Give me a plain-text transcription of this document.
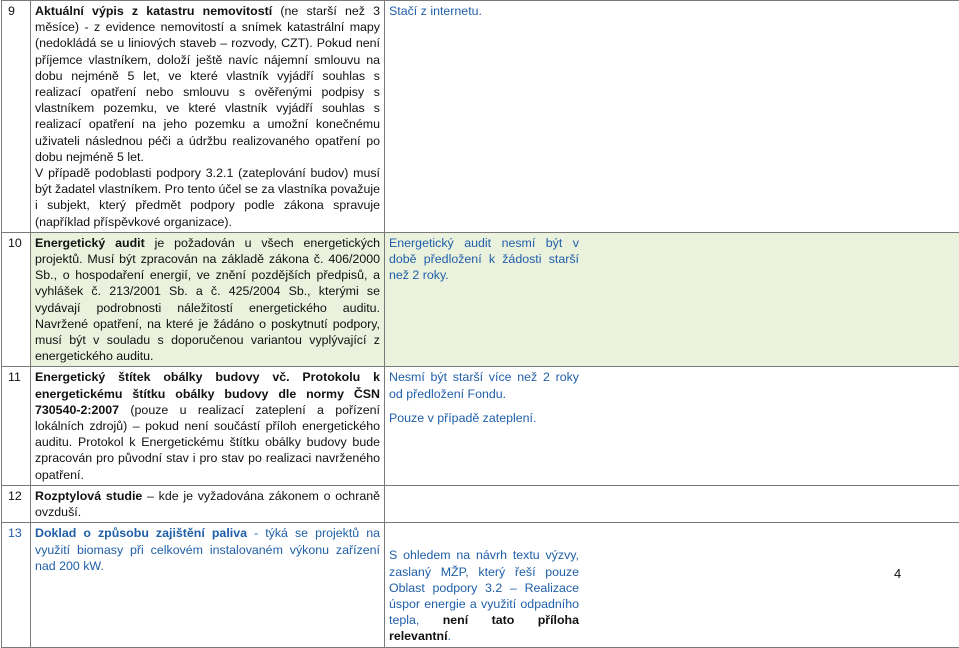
9	Aktuální výpis z katastru nemovitostí (ne starší než 3 měsíce) - z evidence nemovitostí a snímek katastrální mapy (nedokládá se u liniových staveb – rozvody, CZT). Pokud není příjemce vlastníkem, doloží ještě navíc nájemní smlouvu na dobu nejméně 5 let, ve které vlastník vyjádří souhlas s realizací opatření nebo smlouvu s ověřenými podpisy s vlastníkem pozemku, ve které vlastník vyjádří souhlas s realizací opatření na jeho pozemku a umožní konečnému uživateli následnou péči a údržbu realizovaného opatření po dobu nejméně 5 let.

V případě podoblasti podpory 3.2.1 (zateplování budov) musí být žadatel vlastníkem. Pro tento účel se za vlastníka považuje i subjekt, který předmět podpory podle zákona spravuje (například příspěvkové organizace).	Stačí z internetu.

10	Energetický audit je požadován u všech energetických projektů. Musí být zpracován na základě zákona č. 406/2000 Sb., o hospodaření energií, ve znění pozdějších předpisů, a vyhlášek č. 213/2001 Sb. a č. 425/2004 Sb., kterými se vydávají podrobnosti náležitostí energetického auditu. Navržené opatření, na které je žádáno o poskytnutí podpory, musí být v souladu s doporučenou variantou vyplývající z energetického auditu.	Energetický audit nesmí být v době předložení k žádosti starší než 2 roky.

11	Energetický štítek obálky budovy vč. Protokolu k energetickému štítku obálky budovy dle normy ČSN 730540-2:2007 (pouze u realizací zateplení a pořízení lokálních zdrojů) – pokud není součástí příloh energetického auditu. Protokol k Energetickému štítku obálky budovy bude zpracován pro původní stav i pro stav po realizaci navrženého opatření.	Nesmí být starší více než 2 roky od předložení Fondu.
Pouze v případě zateplení.

12	Rozptylová studie – kde je vyžadována zákonem o ochraně ovzduší.	

13	Doklad o způsobu zajištění paliva - týká se projektů na využití biomasy při celkovém instalovaném výkonu zařízení nad 200 kW.	S ohledem na návrh textu výzvy, zaslaný MŽP, který řeší pouze Oblast podpory 3.2 – Realizace úspor energie a využití odpadního tepla, není tato příloha relevantní.
4
